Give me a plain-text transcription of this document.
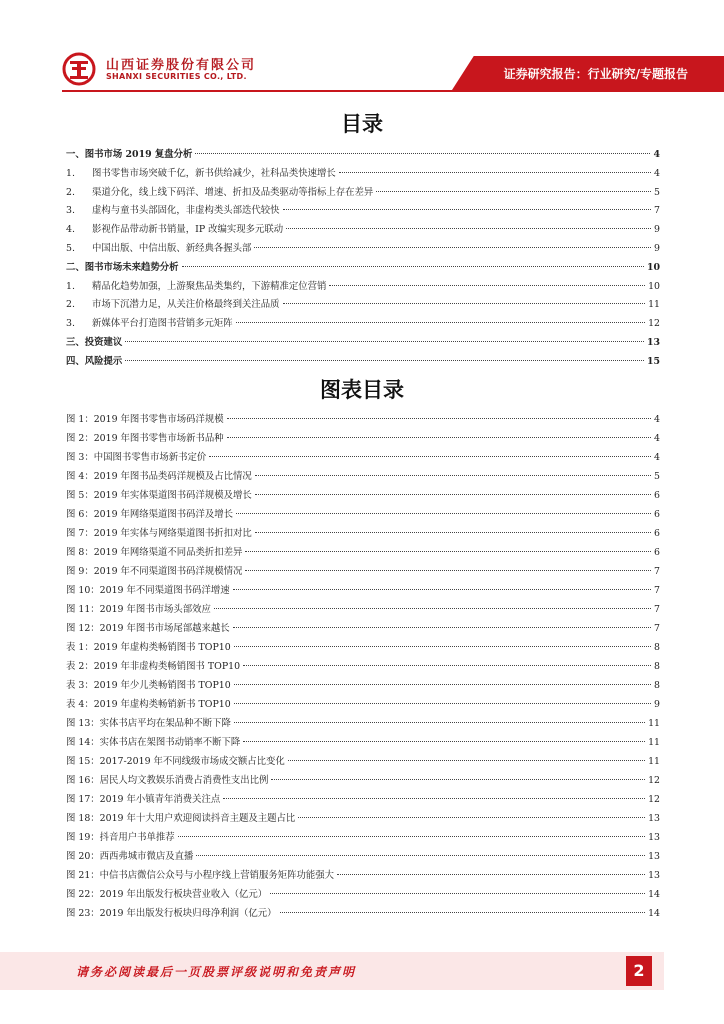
山西证券股份有限公司
SHANXI SECURITIES CO., LTD.	证券研究报告：行业研究/专题报告
目录
一、 图书市场 2019 复盘分析	4
1.	图书零售市场突破千亿，新书供给减少，社科品类快速增长	4
2.	渠道分化，线上线下码洋、增速、折扣及品类驱动等指标上存在差异	5
3.	虚构与童书头部固化，非虚构类头部迭代较快	7
4.	影视作品带动新书销量，IP 改编实现多元联动	9
5.	中国出版、中信出版、新经典各握头部	9
二、 图书市场未来趋势分析	10
1.	精品化趋势加强，上游聚焦品类集约，下游精准定位营销	10
2.	市场下沉潜力足，从关注价格最终到关注品质	11
3.	新媒体平台打造图书营销多元矩阵	12
三、 投资建议	13
四、 风险提示	15
图表目录
图 1：2019 年图书零售市场码洋规模	4
图 2：2019 年图书零售市场新书品种	4
图 3：中国图书零售市场新书定价	4
图 4：2019 年图书品类码洋规模及占比情况	5
图 5：2019 年实体渠道图书码洋规模及增长	6
图 6：2019 年网络渠道图书码洋及增长	6
图 7：2019 年实体与网络渠道图书折扣对比	6
图 8：2019 年网络渠道不同品类折扣差异	6
图 9：2019 年不同渠道图书码洋规模情况	7
图 10：2019 年不同渠道图书码洋增速	7
图 11：2019 年图书市场头部效应	7
图 12：2019 年图书市场尾部越来越长	7
表 1：2019 年虚构类畅销图书 TOP10	8
表 2：2019 年非虚构类畅销图书 TOP10	8
表 3：2019 年少儿类畅销图书 TOP10	8
表 4：2019 年虚构类畅销新书 TOP10	9
图 13：实体书店平均在架品种不断下降	11
图 14：实体书店在架图书动销率不断下降	11
图 15：2017-2019 年不同线级市场成交额占比变化	11
图 16：居民人均文教娱乐消费占消费性支出比例	12
图 17：2019 年小镇青年消费关注点	12
图 18：2019 年十大用户欢迎阅读抖音主题及主题占比	13
图 19：抖音用户书单推荐	13
图 20：西西弗城市微店及直播	13
图 21：中信书店微信公众号与小程序线上营销服务矩阵功能强大	13
图 22：2019 年出版发行板块营业收入（亿元）	14
图 23：2019 年出版发行板块归母净利润（亿元）	14
请务必阅读最后一页股票评级说明和免责声明	2
